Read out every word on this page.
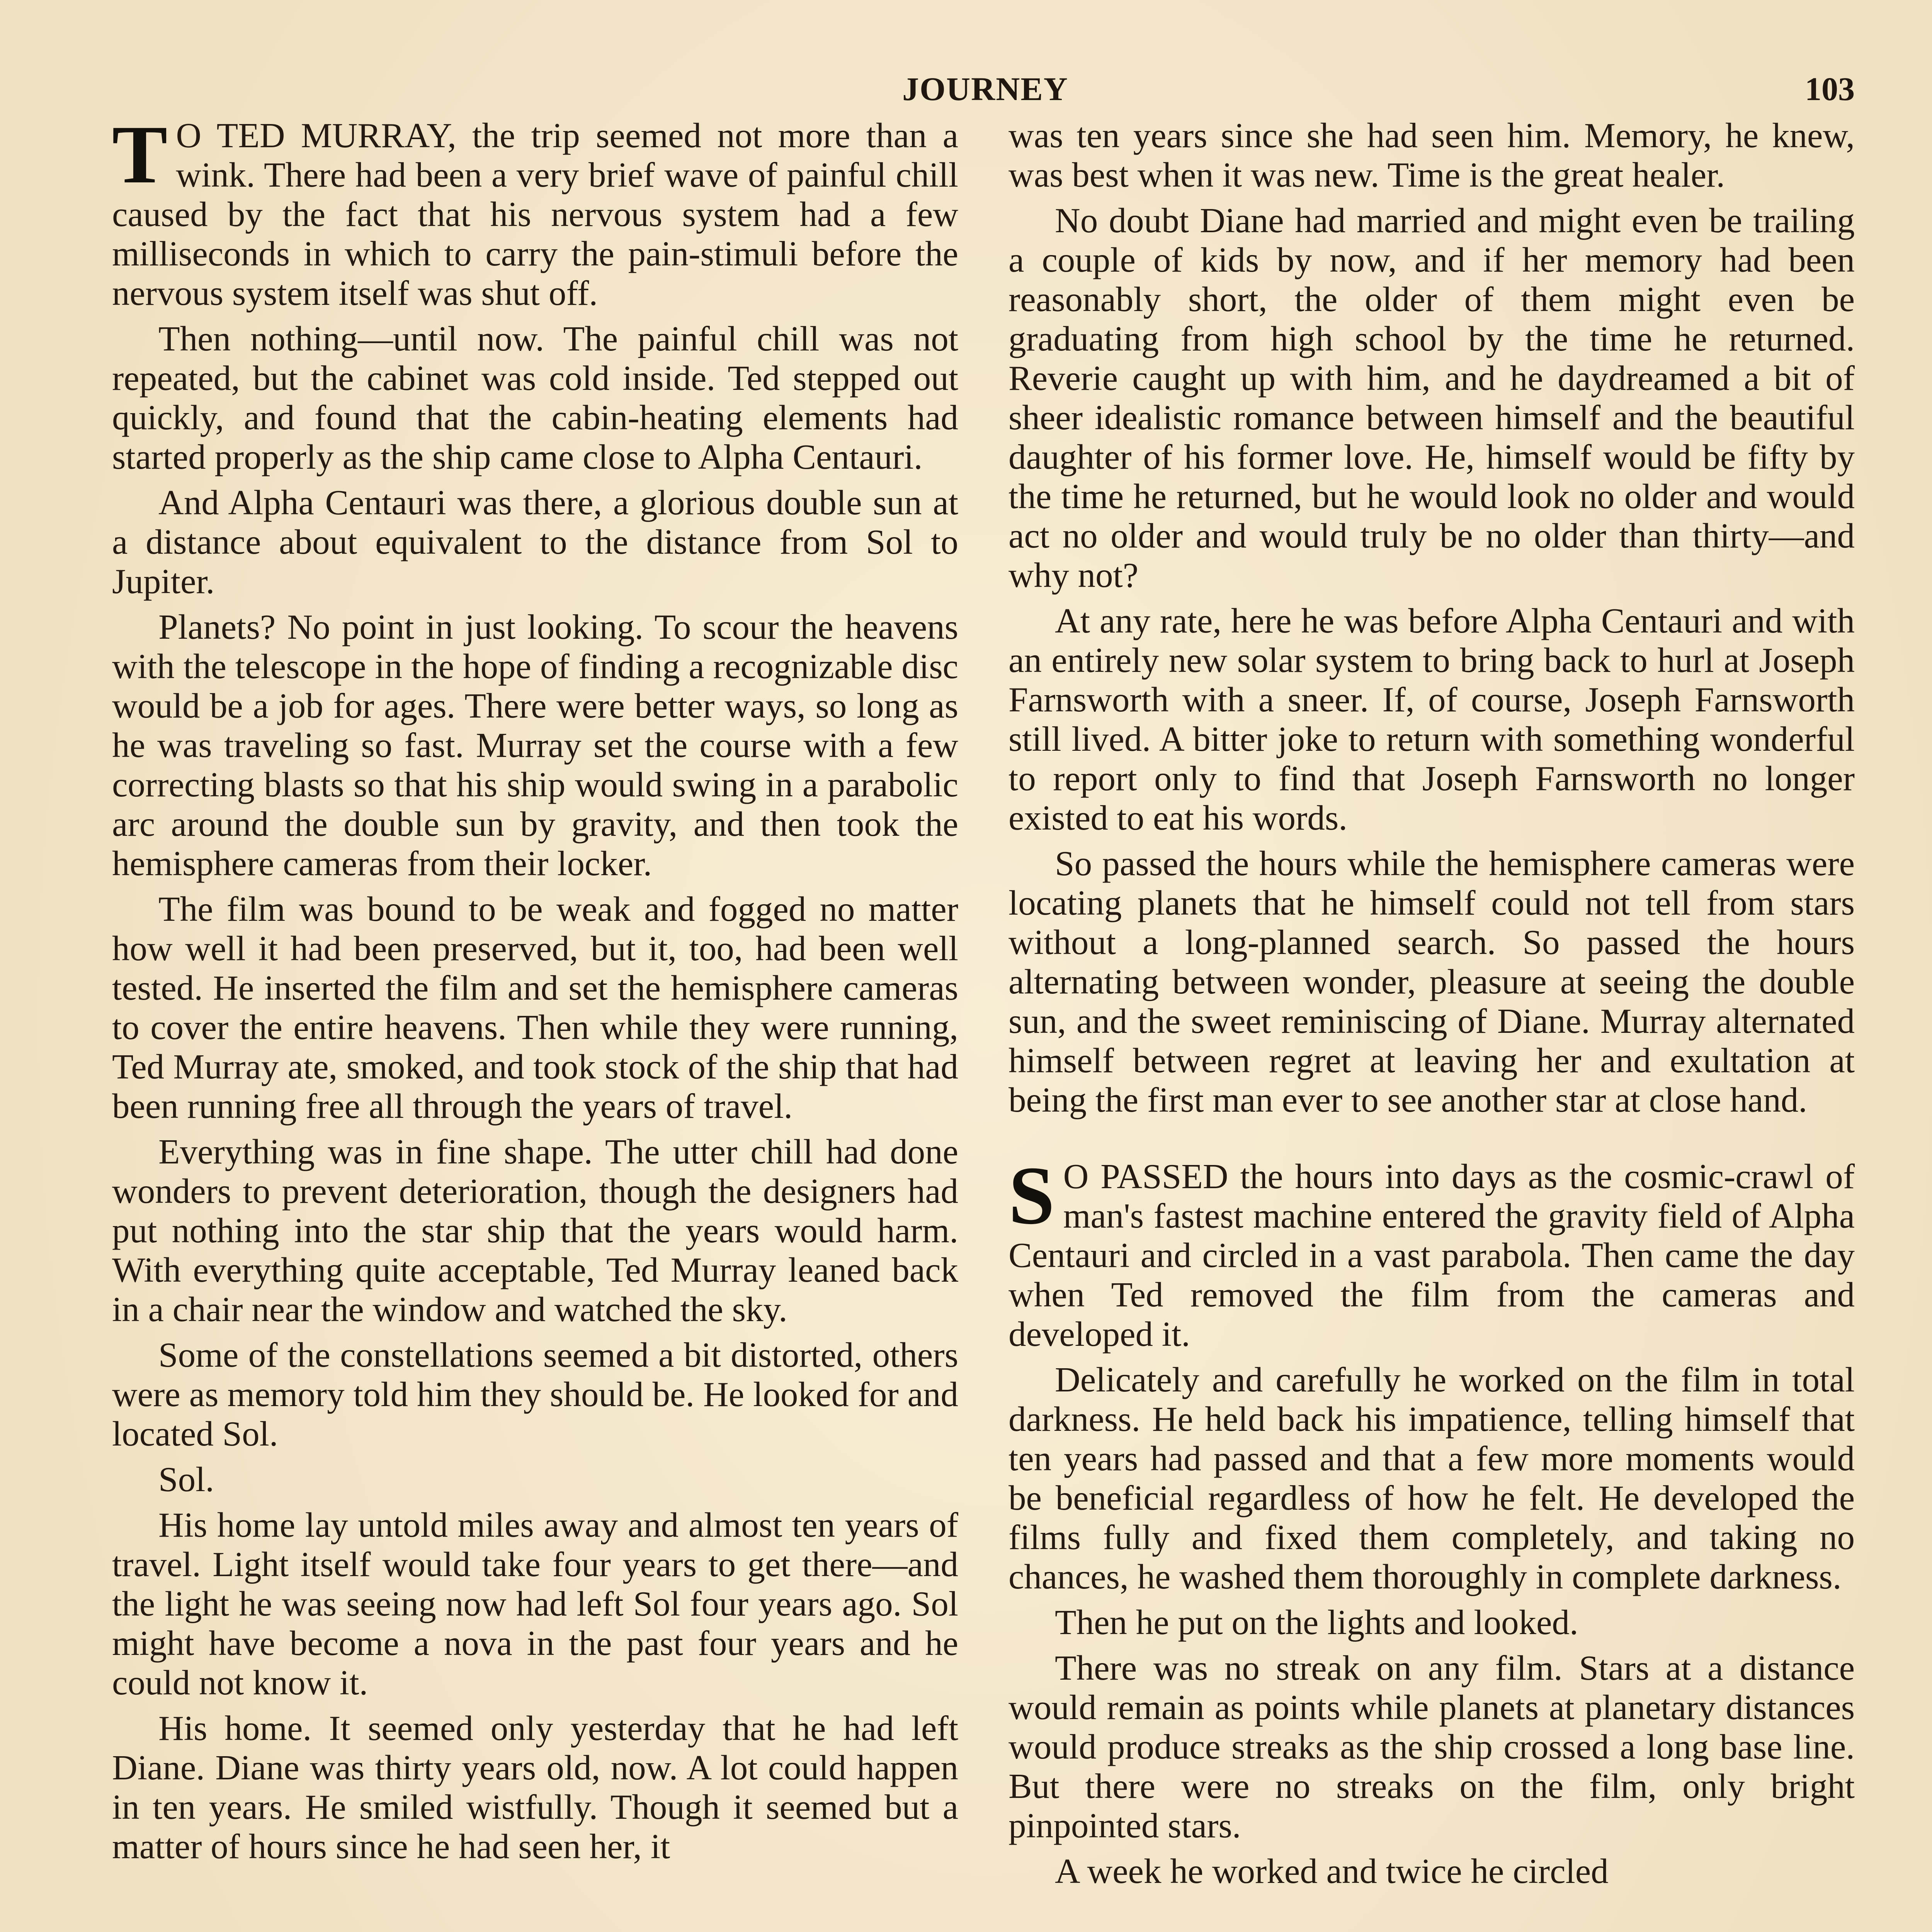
JOURNEY	103

T O TED MURRAY, the trip seemed not more than a wink. There had been a very brief wave of painful chill caused by the fact that his nervous system had a few milliseconds in which to carry the pain-stimuli before the nervous system itself was shut off.

Then nothing—until now. The painful chill was not repeated, but the cabinet was cold inside. Ted stepped out quickly, and found that the cabin-heating elements had started properly as the ship came close to Alpha Centauri.

And Alpha Centauri was there, a glorious double sun at a distance about equivalent to the distance from Sol to Jupiter.

Planets? No point in just looking. To scour the heavens with the telescope in the hope of finding a recognizable disc would be a job for ages. There were better ways, so long as he was traveling so fast. Murray set the course with a few correcting blasts so that his ship would swing in a parabolic arc around the double sun by gravity, and then took the hemisphere cameras from their locker.

The film was bound to be weak and fogged no matter how well it had been preserved, but it, too, had been well tested. He inserted the film and set the hemisphere cameras to cover the entire heavens. Then while they were running, Ted Murray ate, smoked, and took stock of the ship that had been running free all through the years of travel.

Everything was in fine shape. The utter chill had done wonders to prevent deterioration, though the designers had put nothing into the star ship that the years would harm. With everything quite acceptable, Ted Murray leaned back in a chair near the window and watched the sky.

Some of the constellations seemed a bit distorted, others were as memory told him they should be. He looked for and located Sol.

Sol.

His home lay untold miles away and almost ten years of travel. Light itself would take four years to get there—and the light he was seeing now had left Sol four years ago. Sol might have become a nova in the past four years and he could not know it.

His home. It seemed only yesterday that he had left Diane. Diane was thirty years old, now. A lot could happen in ten years. He smiled wistfully. Though it seemed but a matter of hours since he had seen her, it

was ten years since she had seen him. Memory, he knew, was best when it was new. Time is the great healer.

No doubt Diane had married and might even be trailing a couple of kids by now, and if her memory had been reasonably short, the older of them might even be graduating from high school by the time he returned. Reverie caught up with him, and he daydreamed a bit of sheer idealistic romance between himself and the beautiful daughter of his former love. He, himself would be fifty by the time he returned, but he would look no older and would act no older and would truly be no older than thirty—and why not?

At any rate, here he was before Alpha Centauri and with an entirely new solar system to bring back to hurl at Joseph Farnsworth with a sneer. If, of course, Joseph Farnsworth still lived. A bitter joke to return with something wonderful to report only to find that Joseph Farnsworth no longer existed to eat his words.

So passed the hours while the hemisphere cameras were locating planets that he himself could not tell from stars without a long-planned search. So passed the hours alternating between wonder, pleasure at seeing the double sun, and the sweet reminiscing of Diane. Murray alternated himself between regret at leaving her and exultation at being the first man ever to see another star at close hand.

S O PASSED the hours into days as the cosmic-crawl of man's fastest machine entered the gravity field of Alpha Centauri and circled in a vast parabola. Then came the day when Ted removed the film from the cameras and developed it.

Delicately and carefully he worked on the film in total darkness. He held back his impatience, telling himself that ten years had passed and that a few more moments would be beneficial regardless of how he felt. He developed the films fully and fixed them completely, and taking no chances, he washed them thoroughly in complete darkness.

Then he put on the lights and looked.

There was no streak on any film. Stars at a distance would remain as points while planets at planetary distances would produce streaks as the ship crossed a long base line. But there were no streaks on the film, only bright pinpointed stars.

A week he worked and twice he circled
